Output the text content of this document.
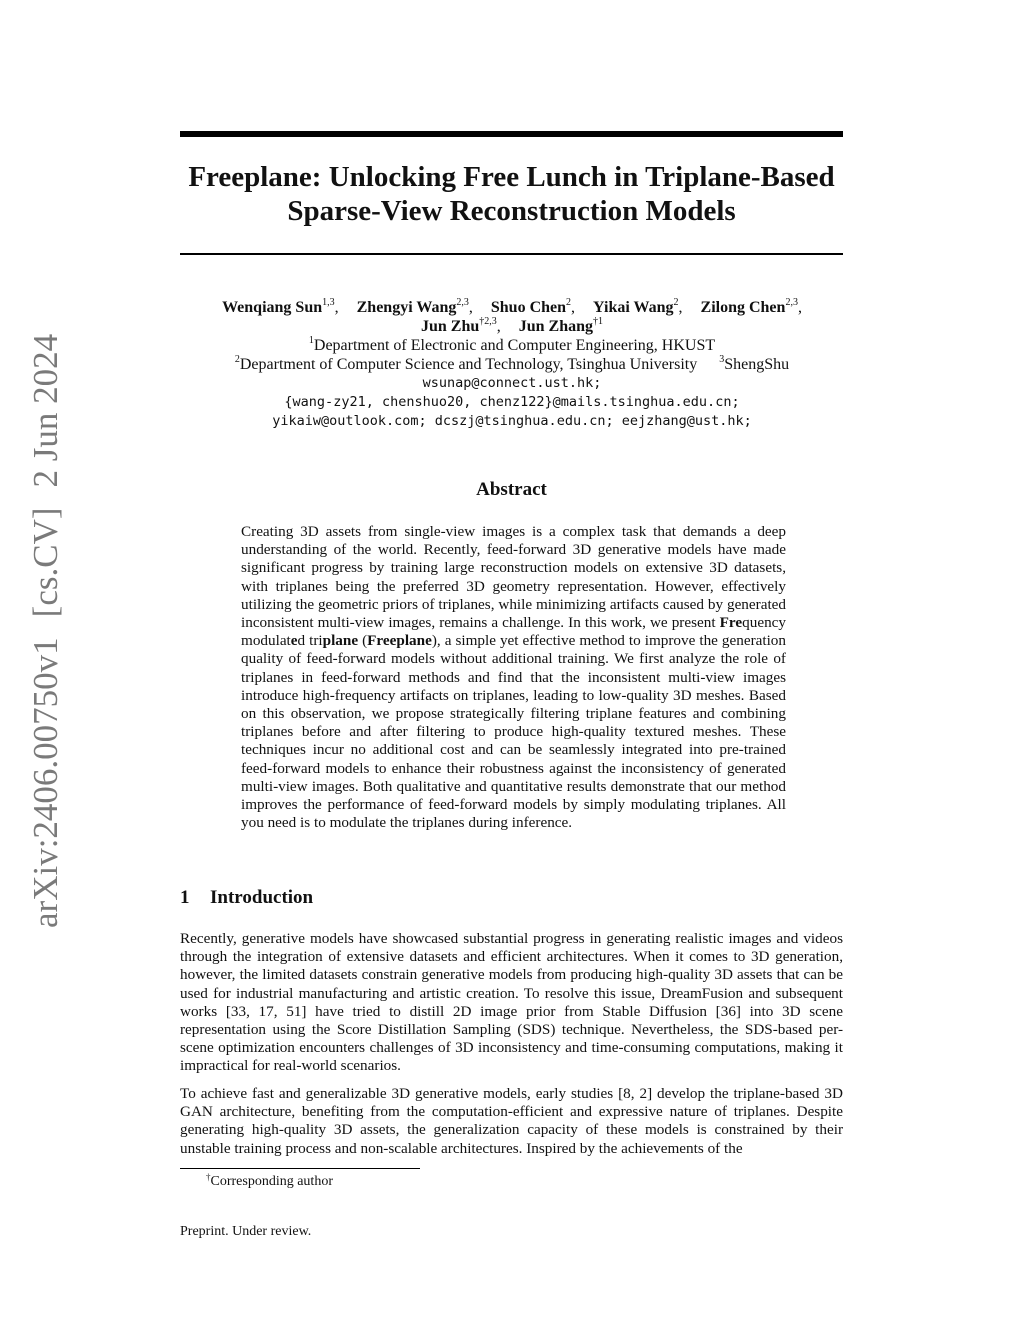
arXiv:2406.00750v1[cs.CV]2 Jun 2024
Freeplane: Unlocking Free Lunch in Triplane-Based
Sparse-View Reconstruction Models
Wenqiang Sun$^{1,3}$, Zhengyi Wang$^{2,3}$, Shuo Chen$^2$, Yikai Wang$^2$, Zilong Chen$^{2,3}$,
Jun Zhu$^{\dagger 2,3}$, Jun Zhang$^{\dagger 1}$
$^1$Department of Electronic and Computer Engineering, HKUST
$^2$Department of Computer Science and Technology, Tsinghua University $^3$ShengShu
wsunap@connect.ust.hk;
{wang-zy21, chenshuo20, chenz122}@mails.tsinghua.edu.cn;
yikaiw@outlook.com; dcszj@tsinghua.edu.cn; eejzhang@ust.hk;
Abstract
Creating 3D assets from single-view images is a complex task that demands a deep understanding of the world. Recently, feed-forward 3D generative models have made significant progress by training large reconstruction models on extensive 3D datasets, with triplanes being the preferred 3D geometry representation. However, effectively utilizing the geometric priors of triplanes, while minimizing artifacts caused by generated inconsistent multi-view images, remains a challenge. In this work, we present Frequency modulated triplane (Freeplane), a simple yet effective method to improve the generation quality of feed-forward models without additional training. We first analyze the role of triplanes in feed-forward methods and find that the inconsistent multi-view images introduce high-frequency artifacts on triplanes, leading to low-quality 3D meshes. Based on this observation, we propose strategically filtering triplane features and combining triplanes before and after filtering to produce high-quality textured meshes. These techniques incur no additional cost and can be seamlessly integrated into pre-trained feed-forward models to enhance their robustness against the inconsistency of generated multi-view images. Both qualitative and quantitative results demonstrate that our method improves the performance of feed-forward models by simply modulating triplanes. All you need is to modulate the triplanes during inference.
1 Introduction
Recently, generative models have showcased substantial progress in generating realistic images and videos through the integration of extensive datasets and efficient architectures. When it comes to 3D generation, however, the limited datasets constrain generative models from producing high-quality 3D assets that can be used for industrial manufacturing and artistic creation. To resolve this issue, DreamFusion and subsequent works [33, 17, 51] have tried to distill 2D image prior from Stable Diffusion [36] into 3D scene representation using the Score Distillation Sampling (SDS) technique. Nevertheless, the SDS-based per-scene optimization encounters challenges of 3D inconsistency and time-consuming computations, making it impractical for real-world scenarios.
To achieve fast and generalizable 3D generative models, early studies [8, 2] develop the triplane-based 3D GAN architecture, benefiting from the computation-efficient and expressive nature of triplanes. Despite generating high-quality 3D assets, the generalization capacity of these models is constrained by their unstable training process and non-scalable architectures. Inspired by the achievements of the
†Corresponding author
Preprint. Under review.
